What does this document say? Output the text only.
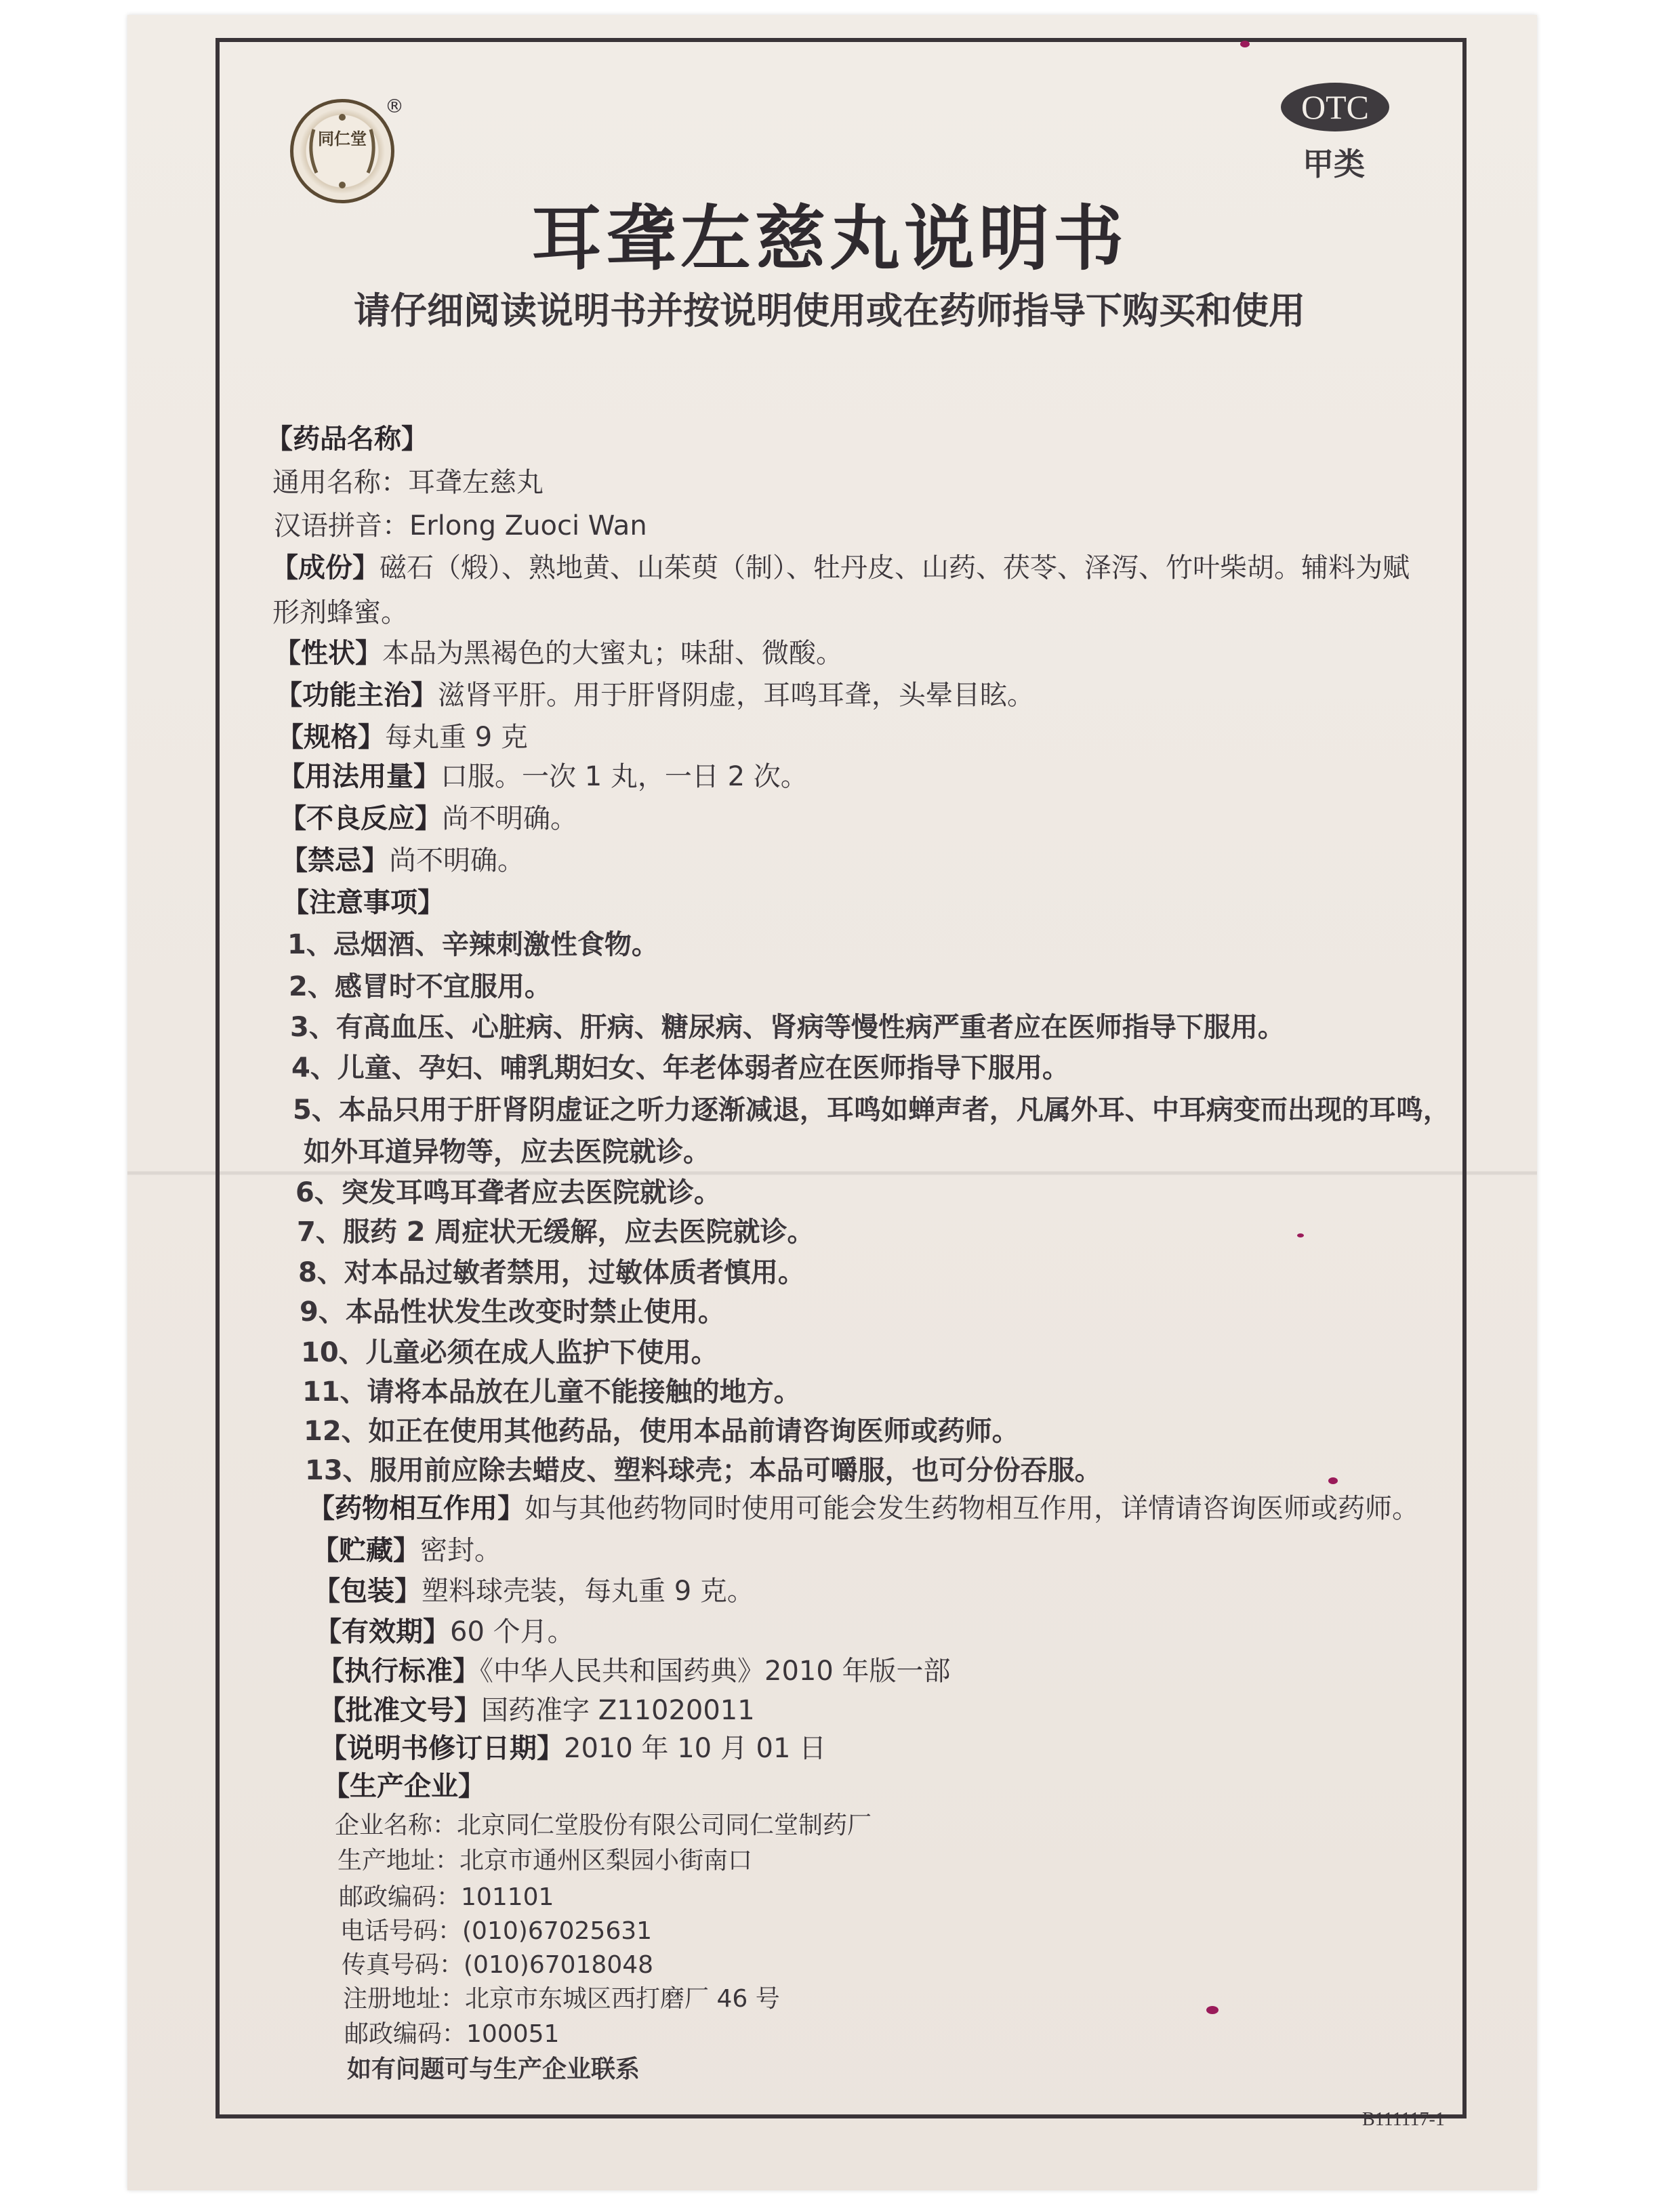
同仁堂
®	OTC
甲类
耳聋左慈丸说明书
请仔细阅读说明书并按说明使用或在药师指导下购买和使用
【药品名称】
通用名称：耳聋左慈丸
汉语拼音：Erlong Zuoci Wan
【成份】磁石（煅）、熟地黄、山茱萸（制）、牡丹皮、山药、茯苓、泽泻、竹叶柴胡。辅料为赋
形剂蜂蜜。
【性状】本品为黑褐色的大蜜丸；味甜、微酸。
【功能主治】滋肾平肝。用于肝肾阴虚，耳鸣耳聋，头晕目眩。
【规格】每丸重 9 克
【用法用量】口服。一次 1 丸，一日 2 次。
【不良反应】尚不明确。
【禁忌】尚不明确。
【注意事项】
1、忌烟酒、辛辣刺激性食物。
2、感冒时不宜服用。
3、有高血压、心脏病、肝病、糖尿病、肾病等慢性病严重者应在医师指导下服用。
4、儿童、孕妇、哺乳期妇女、年老体弱者应在医师指导下服用。
5、本品只用于肝肾阴虚证之听力逐渐减退，耳鸣如蝉声者，凡属外耳、中耳病变而出现的耳鸣，
如外耳道异物等，应去医院就诊。
6、突发耳鸣耳聋者应去医院就诊。
7、服药 2 周症状无缓解，应去医院就诊。
8、对本品过敏者禁用，过敏体质者慎用。
9、本品性状发生改变时禁止使用。
10、儿童必须在成人监护下使用。
11、请将本品放在儿童不能接触的地方。
12、如正在使用其他药品，使用本品前请咨询医师或药师。
13、服用前应除去蜡皮、塑料球壳；本品可嚼服，也可分份吞服。
【药物相互作用】如与其他药物同时使用可能会发生药物相互作用，详情请咨询医师或药师。
【贮藏】密封。
【包装】塑料球壳装，每丸重 9 克。
【有效期】60 个月。
【执行标准】《中华人民共和国药典》2010 年版一部
【批准文号】国药准字 Z11020011
【说明书修订日期】2010 年 10 月 01 日
【生产企业】
企业名称：北京同仁堂股份有限公司同仁堂制药厂
生产地址：北京市通州区梨园小街南口
邮政编码：101101
电话号码：(010)67025631
传真号码：(010)67018048
注册地址：北京市东城区西打磨厂 46 号
邮政编码：100051
如有问题可与生产企业联系
B111117-1
